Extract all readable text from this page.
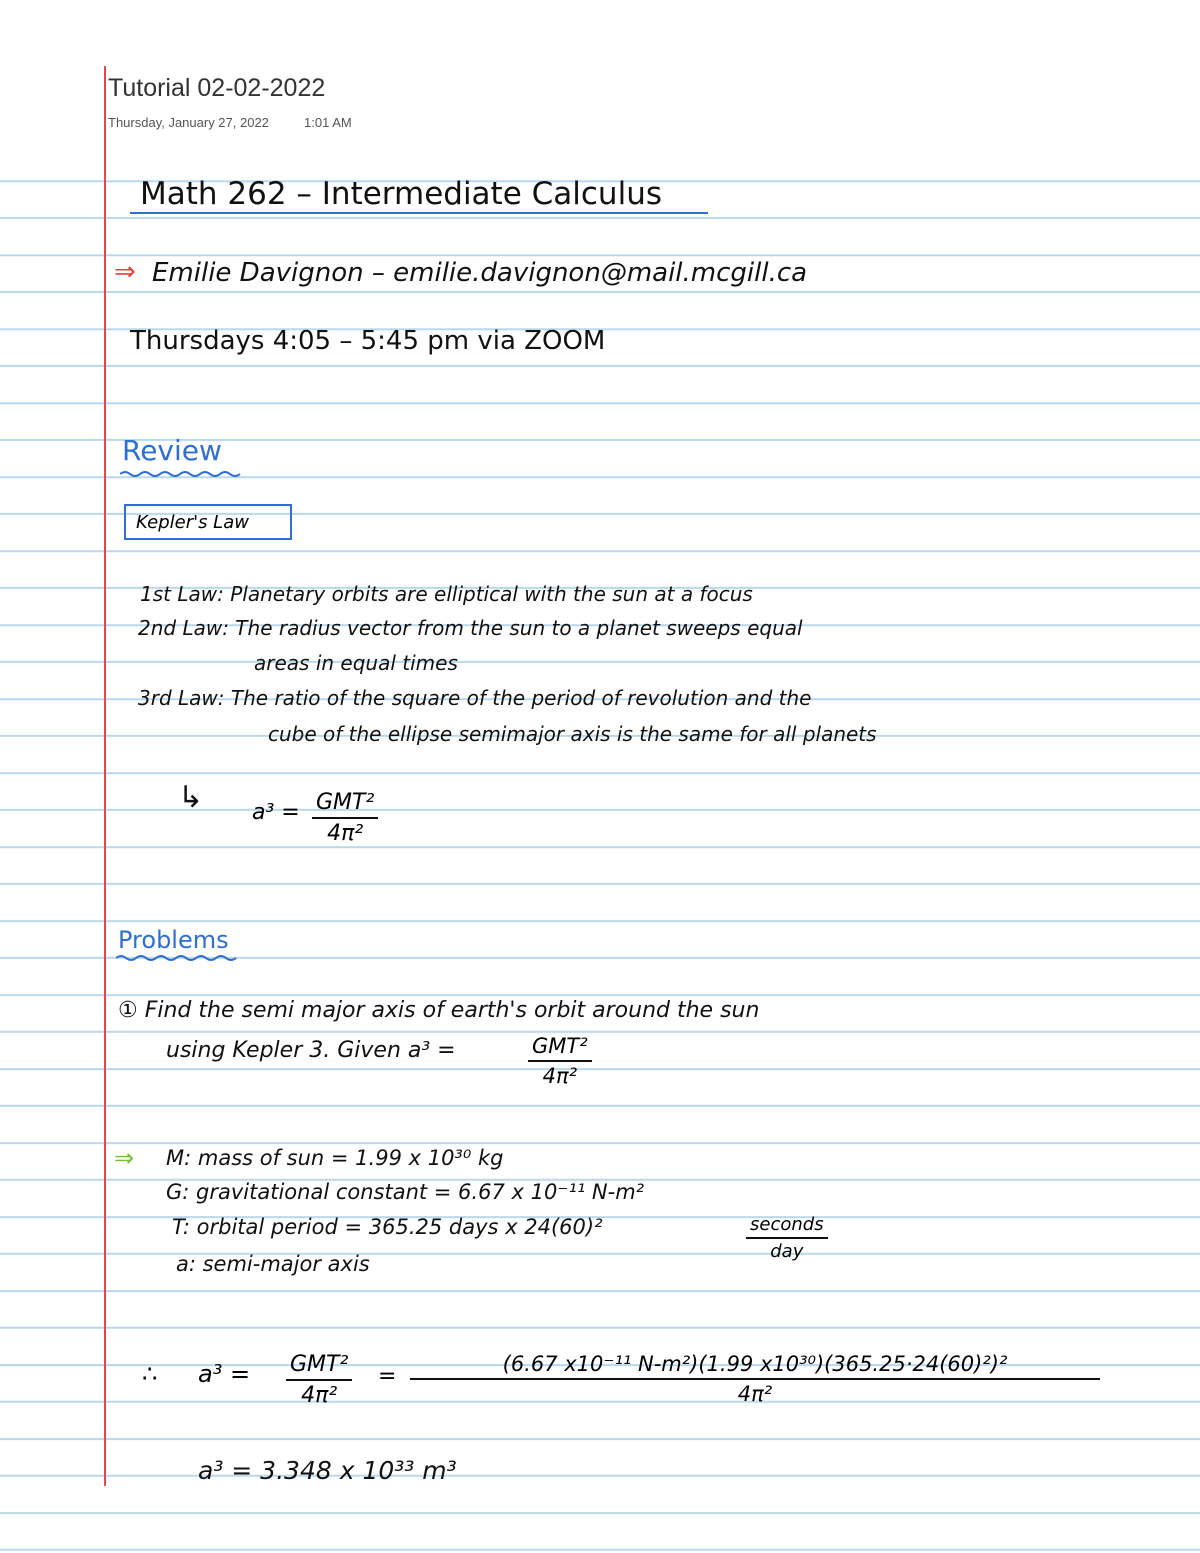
Tutorial 02-02-2022
Thursday, January 27, 2022	1:01 AM
Math 262 – Intermediate Calculus
⇒ Emilie Davignon – emilie.davignon@mail.mcgill.ca
Thursdays 4:05 – 5:45 pm via ZOOM
Review
Kepler's Law
1st Law: Planetary orbits are elliptical with the sun at a focus
2nd Law: The radius vector from the sun to a planet sweeps equal
areas in equal times
3rd Law: The ratio of the square of the period of revolution and the
cube of the ellipse semimajor axis is the same for all planets
↳ a³ = GMT²
4π²
Problems
① Find the semi major axis of earth's orbit around the sun
using Kepler 3. Given a³ =	GMT²
4π²
⇒ M: mass of sun = 1.99 x 10³⁰ kg
G: gravitational constant = 6.67 x 10⁻¹¹ N-m²
T: orbital period = 365.25 days x 24(60)²	seconds
day
a: semi-major axis
∴ a³ = GMT²
4π²
= $\frac{\text{(6.67 x10⁻¹¹ N-m²)(1.99 x10³⁰)(365.25·24(60)²)²}}{\text{4π²}}$
a³ = 3.348 x 10³³ m³
